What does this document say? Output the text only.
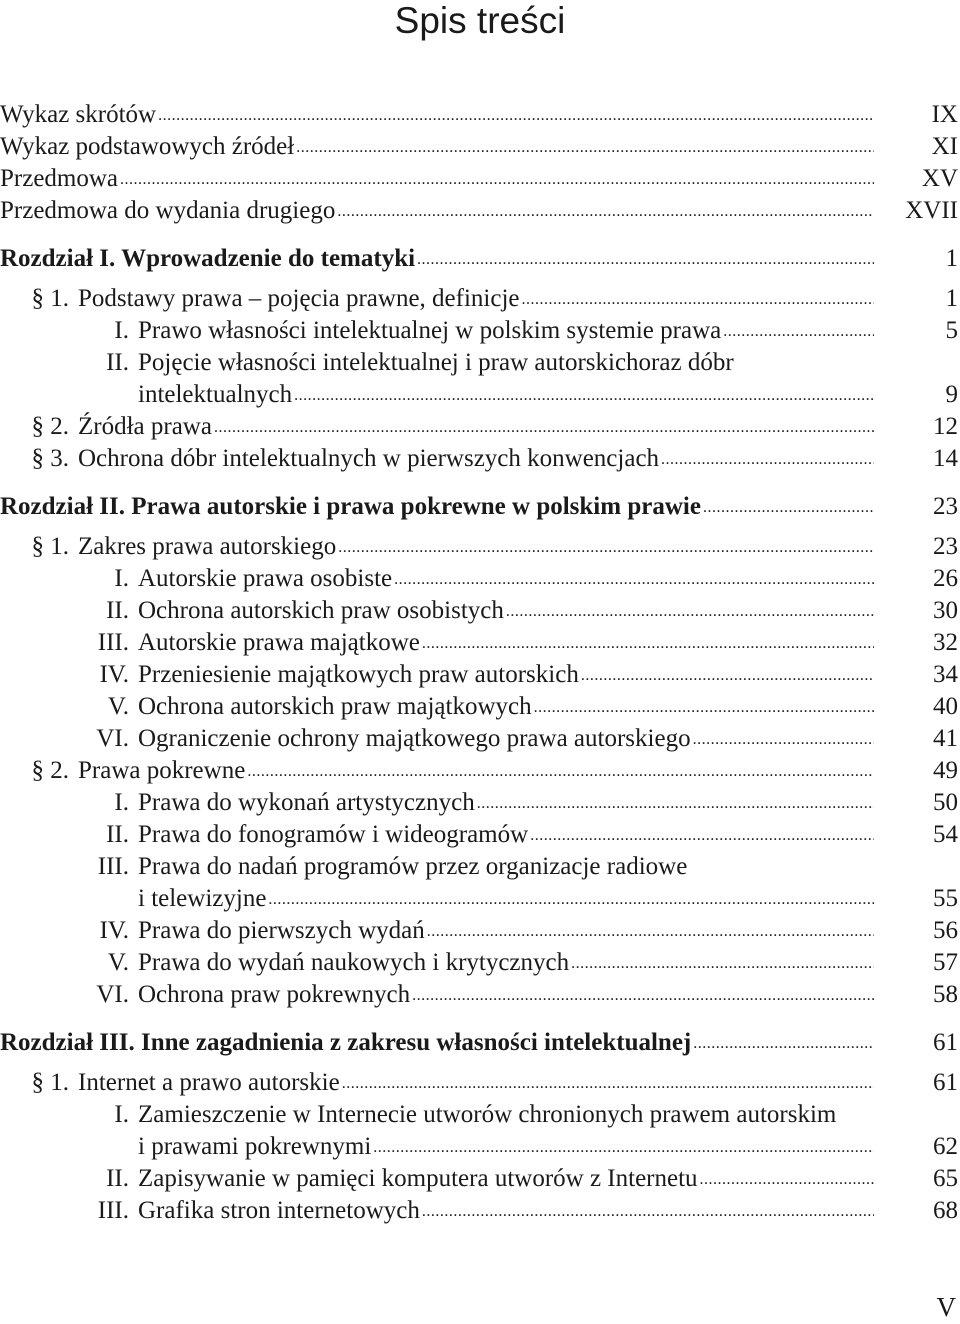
Spis treści
Wykaz skrótów .....	IX
Wykaz podstawowych źródeł .....	XI
Przedmowa .....	XV
Przedmowa do wydania drugiego .....	XVII
Rozdział I. Wprowadzenie do tematyki .....	1
§ 1. Podstawy prawa – pojęcia prawne, definicje .....	1
I. Prawo własności intelektualnej w polskim systemie prawa .....	5
II. Pojęcie własności intelektualnej i praw autorskichoraz dóbr
intelektualnych .....	9
§ 2. Źródła prawa .....	12
§ 3. Ochrona dóbr intelektualnych w pierwszych konwencjach .....	14
Rozdział II. Prawa autorskie i prawa pokrewne w polskim prawie .....	23
§ 1. Zakres prawa autorskiego .....	23
I. Autorskie prawa osobiste .....	26
II. Ochrona autorskich praw osobistych .....	30
III. Autorskie prawa majątkowe .....	32
IV. Przeniesienie majątkowych praw autorskich .....	34
V. Ochrona autorskich praw majątkowych .....	40
VI. Ograniczenie ochrony majątkowego prawa autorskiego .....	41
§ 2. Prawa pokrewne .....	49
I. Prawa do wykonań artystycznych .....	50
II. Prawa do fonogramów i wideogramów .....	54
III. Prawa do nadań programów przez organizacje radiowe
i telewizyjne .....	55
IV. Prawa do pierwszych wydań .....	56
V. Prawa do wydań naukowych i krytycznych .....	57
VI. Ochrona praw pokrewnych .....	58
Rozdział III. Inne zagadnienia z zakresu własności intelektualnej .....	61
§ 1. Internet a prawo autorskie .....	61
I. Zamieszczenie w Internecie utworów chronionych prawem autorskim
i prawami pokrewnymi .....	62
II. Zapisywanie w pamięci komputera utworów z Internetu .....	65
III. Grafika stron internetowych .....	68
V
